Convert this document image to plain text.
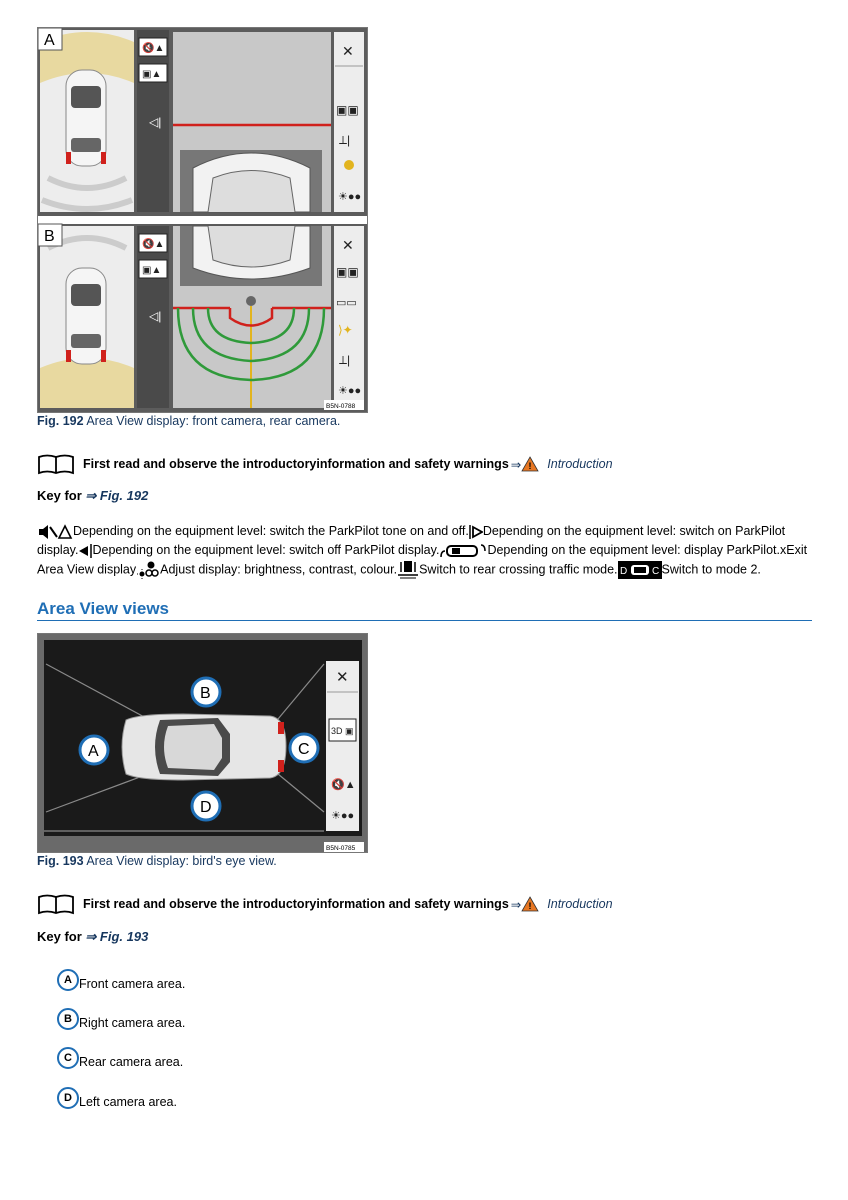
A	🔇▲
▣▲
◁|
✕
▣▣
⟂|
☀●●
B	🔇▲
▣▲
◁|
✕
▣▣
▭▭
⟩✦
⟂|
☀●●
B5N-0788
Fig. 192 Area View display: front camera, rear camera.
First read and observe the introductoryinformation and safety warnings ⇒ ! Introduction
Key for ⇒ Fig. 192
Depending on the equipment level: switch the ParkPilot tone on and off. Depending on the equipment level: switch on ParkPilot display. Depending on the equipment level: switch off ParkPilot display.	Depending on the equipment level: display ParkPilot.xExit Area View display Adjust display: brightness, contrast, colour. Switch to rear crossing traffic mode. D C Switch to mode 2.
Area View views
A
B
C
D
✕
3D ▣
🔇▲
☀●●
B5N-0785
Fig. 193 Area View display: bird's eye view.
First read and observe the introductoryinformation and safety warnings ⇒ ! Introduction
Key for ⇒ Fig. 193
A Front camera area.
B Right camera area.
C Rear camera area.
D Left camera area.
